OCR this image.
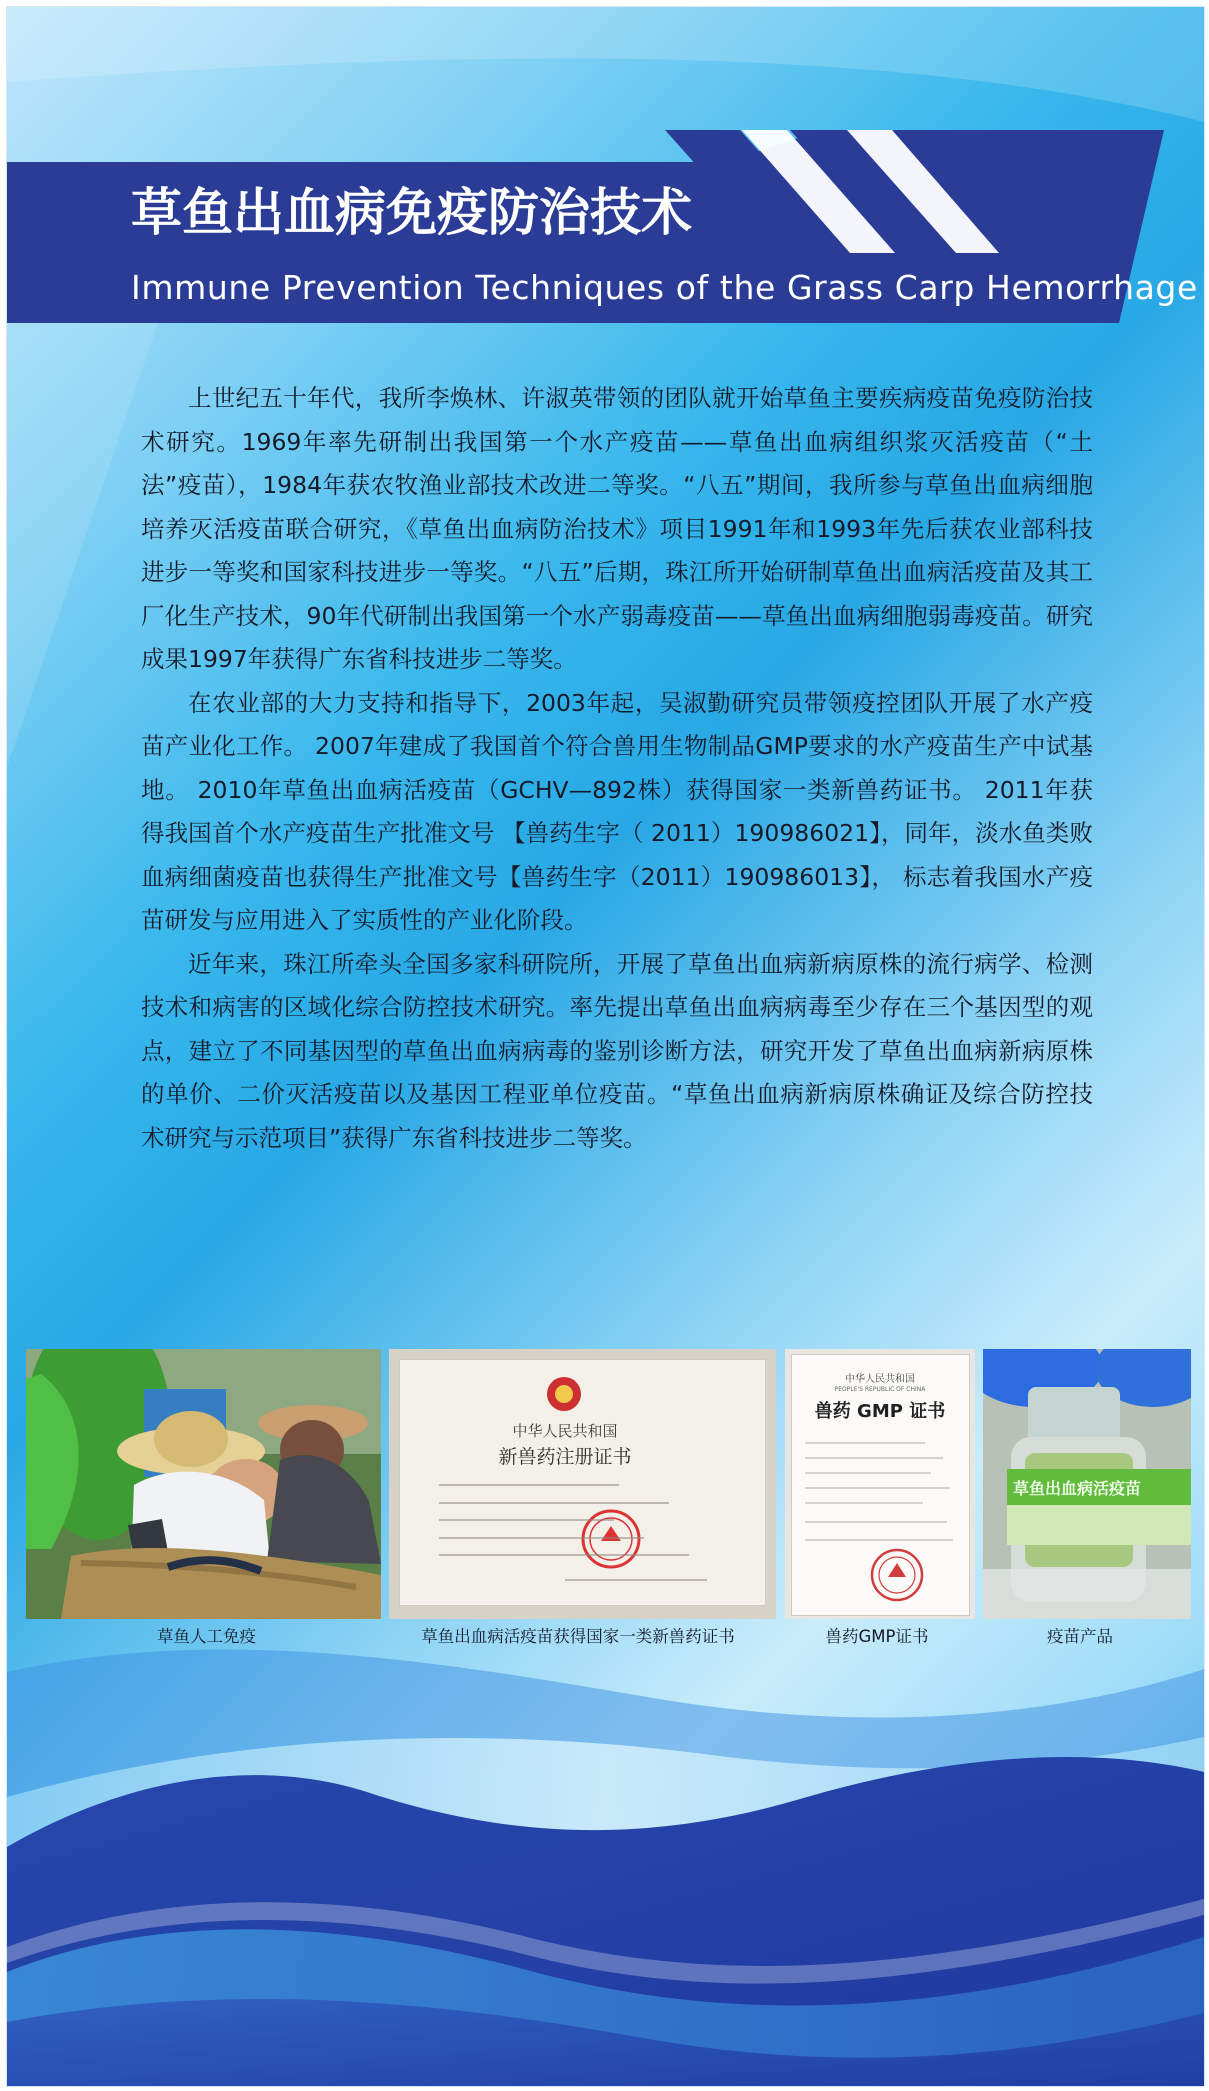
草鱼出血病免疫防治技术
Immune Prevention Techniques of the Grass Carp Hemorrhage

上世纪五十年代，我所李焕林、许淑英带领的团队就开始草鱼主要疾病疫苗免疫防治技术研究。1969年率先研制出我国第一个水产疫苗——草鱼出血病组织浆灭活疫苗（“土法”疫苗），1984年获农牧渔业部技术改进二等奖。“八五”期间，我所参与草鱼出血病细胞培养灭活疫苗联合研究，《草鱼出血病防治技术》项目1991年和1993年先后获农业部科技进步一等奖和国家科技进步一等奖。“八五”后期，珠江所开始研制草鱼出血病活疫苗及其工厂化生产技术，90年代研制出我国第一个水产弱毒疫苗——草鱼出血病细胞弱毒疫苗。研究成果1997年获得广东省科技进步二等奖。

在农业部的大力支持和指导下，2003年起，吴淑勤研究员带领疫控团队开展了水产疫苗产业化工作。 2007年建成了我国首个符合兽用生物制品GMP要求的水产疫苗生产中试基地。 2010年草鱼出血病活疫苗（GCHV—892株）获得国家一类新兽药证书。 2011年获得我国首个水产疫苗生产批准文号 【兽药生字（ 2011）190986021】，同年，淡水鱼类败血病细菌疫苗也获得生产批准文号【兽药生字（2011）190986013】， 标志着我国水产疫苗研发与应用进入了实质性的产业化阶段。

近年来，珠江所牵头全国多家科研院所，开展了草鱼出血病新病原株的流行病学、检测技术和病害的区域化综合防控技术研究。率先提出草鱼出血病病毒至少存在三个基因型的观点，建立了不同基因型的草鱼出血病病毒的鉴别诊断方法，研究开发了草鱼出血病新病原株的单价、二价灭活疫苗以及基因工程亚单位疫苗。“草鱼出血病新病原株确证及综合防控技术研究与示范项目”获得广东省科技进步二等奖。

中华人民共和国
新兽药注册证书
中华人民共和国
PEOPLE'S REPUBLIC OF CHINA
兽药 GMP 证书
草鱼出血病活疫苗
草鱼人工免疫	草鱼出血病活疫苗获得国家一类新兽药证书	兽药GMP证书	疫苗产品
